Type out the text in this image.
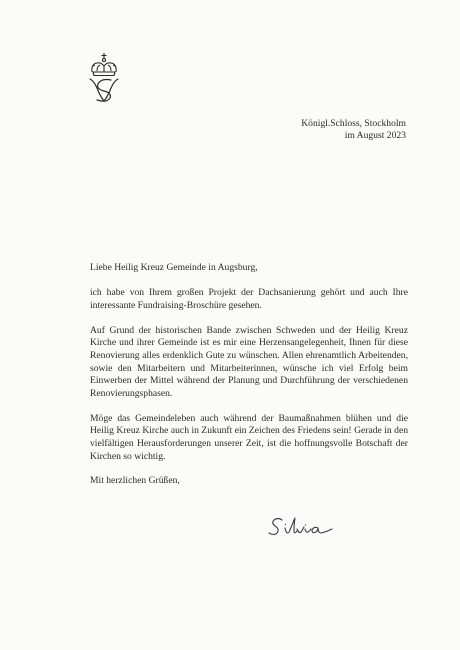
Königl.Schloss, Stockholm
im August 2023

Liebe Heilig Kreuz Gemeinde in Augsburg,

ich habe von Ihrem großen Projekt der Dachsanierung gehört und auch Ihre interessante Fundraising-Broschüre gesehen.

Auf Grund der historischen Bande zwischen Schweden und der Heilig Kreuz Kirche und ihrer Gemeinde ist es mir eine Herzensangelegenheit, Ihnen für diese Renovierung alles erdenklich Gute zu wünschen. Allen ehrenamtlich Arbeitenden, sowie den Mitarbeitern und Mitarbeiterinnen, wünsche ich viel Erfolg beim Einwerben der Mittel während der Planung und Durchführung der verschiedenen Renovierungsphasen.

Möge das Gemeindeleben auch während der Baumaßnahmen blühen und die Heilig Kreuz Kirche auch in Zukunft ein Zeichen des Friedens sein! Gerade in den vielfältigen Herausforderungen unserer Zeit, ist die hoffnungsvolle Botschaft der Kirchen so wichtig.

Mit herzlichen Grüßen,
